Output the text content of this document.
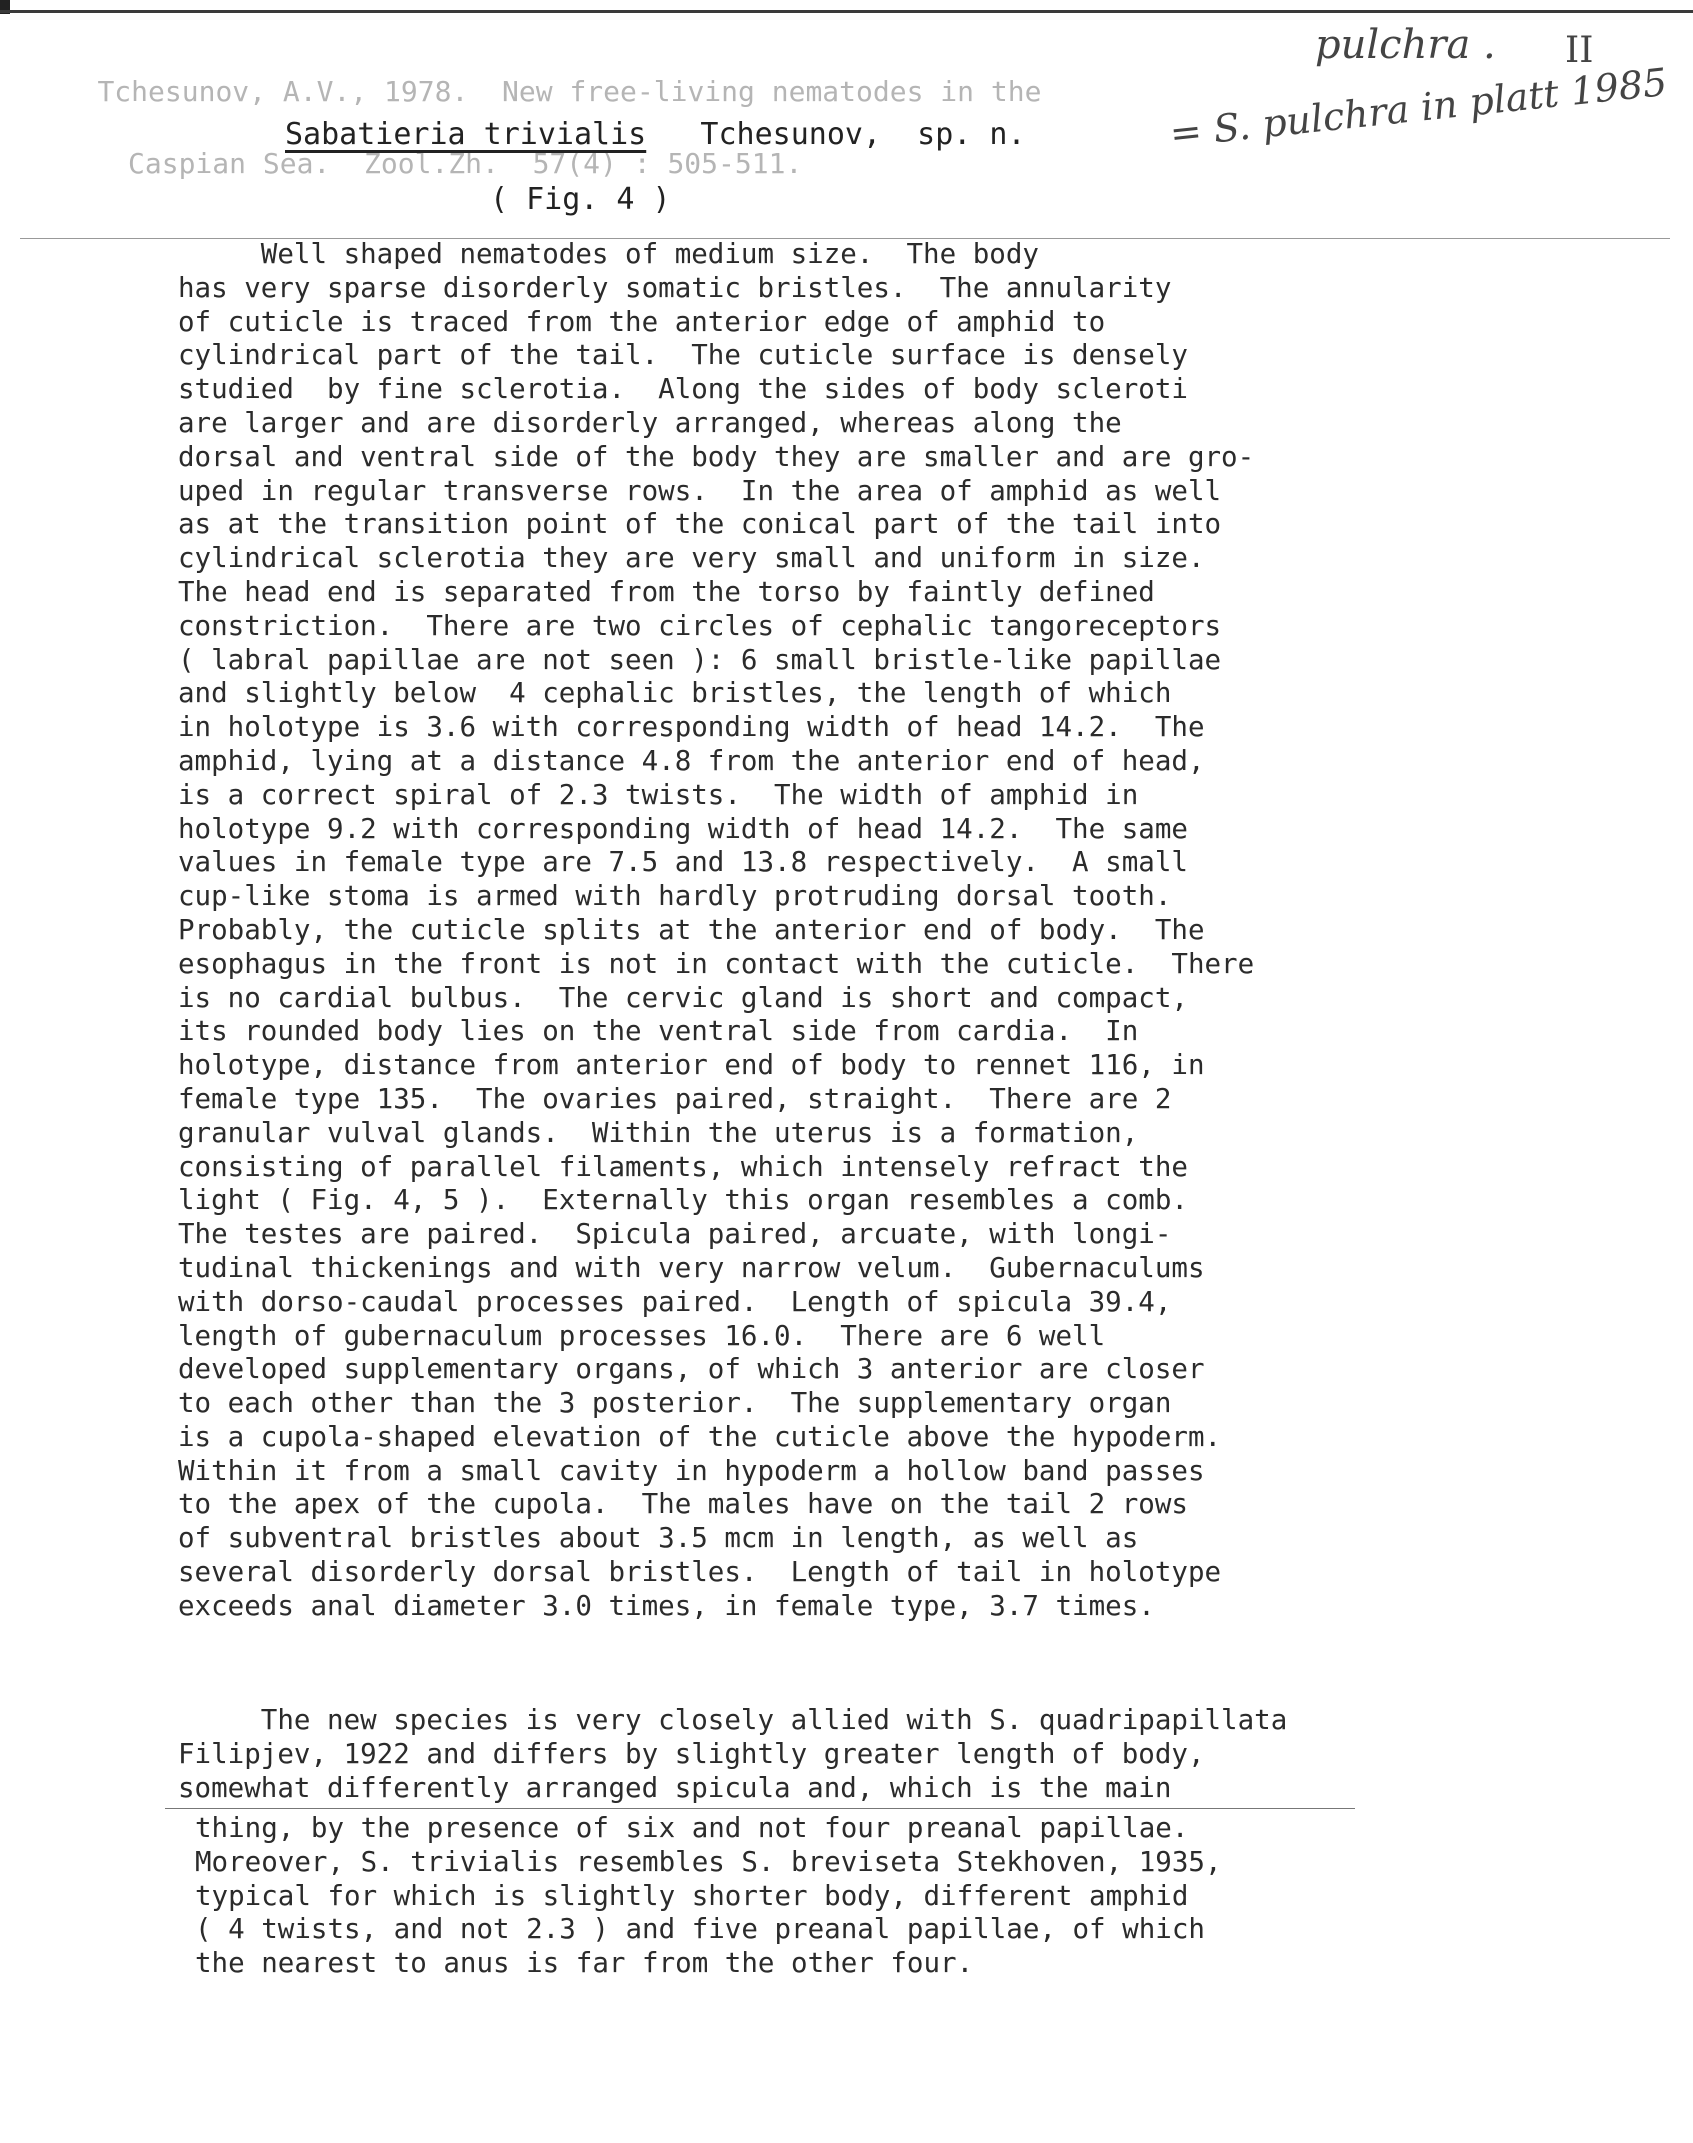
Tchesunov, A.V., 1978.  New free-living nematodes in the

Caspian Sea.  Zool.Zh.  57(4) : 505-511.

pulchra . II
= S. pulchra in platt 1985
Sabatieria trivialis Tchesunov, sp. n.
( Fig. 4 )
Well shaped nematodes of medium size.  The body
has very sparse disorderly somatic bristles.  The annularity
of cuticle is traced from the anterior edge of amphid to
cylindrical part of the tail.  The cuticle surface is densely
studied  by fine sclerotia.  Along the sides of body scleroti
are larger and are disorderly arranged, whereas along the
dorsal and ventral side of the body they are smaller and are gro-
uped in regular transverse rows.  In the area of amphid as well
as at the transition point of the conical part of the tail into
cylindrical sclerotia they are very small and uniform in size.
The head end is separated from the torso by faintly defined
constriction.  There are two circles of cephalic tangoreceptors
( labral papillae are not seen ): 6 small bristle-like papillae
and slightly below  4 cephalic bristles, the length of which
in holotype is 3.6 with corresponding width of head 14.2.  The
amphid, lying at a distance 4.8 from the anterior end of head,
is a correct spiral of 2.3 twists.  The width of amphid in
holotype 9.2 with corresponding width of head 14.2.  The same
values in female type are 7.5 and 13.8 respectively.  A small
cup-like stoma is armed with hardly protruding dorsal tooth.
Probably, the cuticle splits at the anterior end of body.  The
esophagus in the front is not in contact with the cuticle.  There
is no cardial bulbus.  The cervic gland is short and compact,
its rounded body lies on the ventral side from cardia.  In
holotype, distance from anterior end of body to rennet 116, in
female type 135.  The ovaries paired, straight.  There are 2
granular vulval glands.  Within the uterus is a formation,
consisting of parallel filaments, which intensely refract the
light ( Fig. 4, 5 ).  Externally this organ resembles a comb.
The testes are paired.  Spicula paired, arcuate, with longi-
tudinal thickenings and with very narrow velum.  Gubernaculums
with dorso-caudal processes paired.  Length of spicula 39.4,
length of gubernaculum processes 16.0.  There are 6 well
developed supplementary organs, of which 3 anterior are closer
to each other than the 3 posterior.  The supplementary organ
is a cupola-shaped elevation of the cuticle above the hypoderm.
Within it from a small cavity in hypoderm a hollow band passes
to the apex of the cupola.  The males have on the tail 2 rows
of subventral bristles about 3.5 mcm in length, as well as
several disorderly dorsal bristles.  Length of tail in holotype
exceeds anal diameter 3.0 times, in female type, 3.7 times.
The new species is very closely allied with S. quadripapillata
Filipjev, 1922 and differs by slightly greater length of body,
somewhat differently arranged spicula and, which is the main
thing, by the presence of six and not four preanal papillae.
Moreover, S. trivialis resembles S. breviseta Stekhoven, 1935,
typical for which is slightly shorter body, different amphid
( 4 twists, and not 2.3 ) and five preanal papillae, of which
the nearest to anus is far from the other four.
